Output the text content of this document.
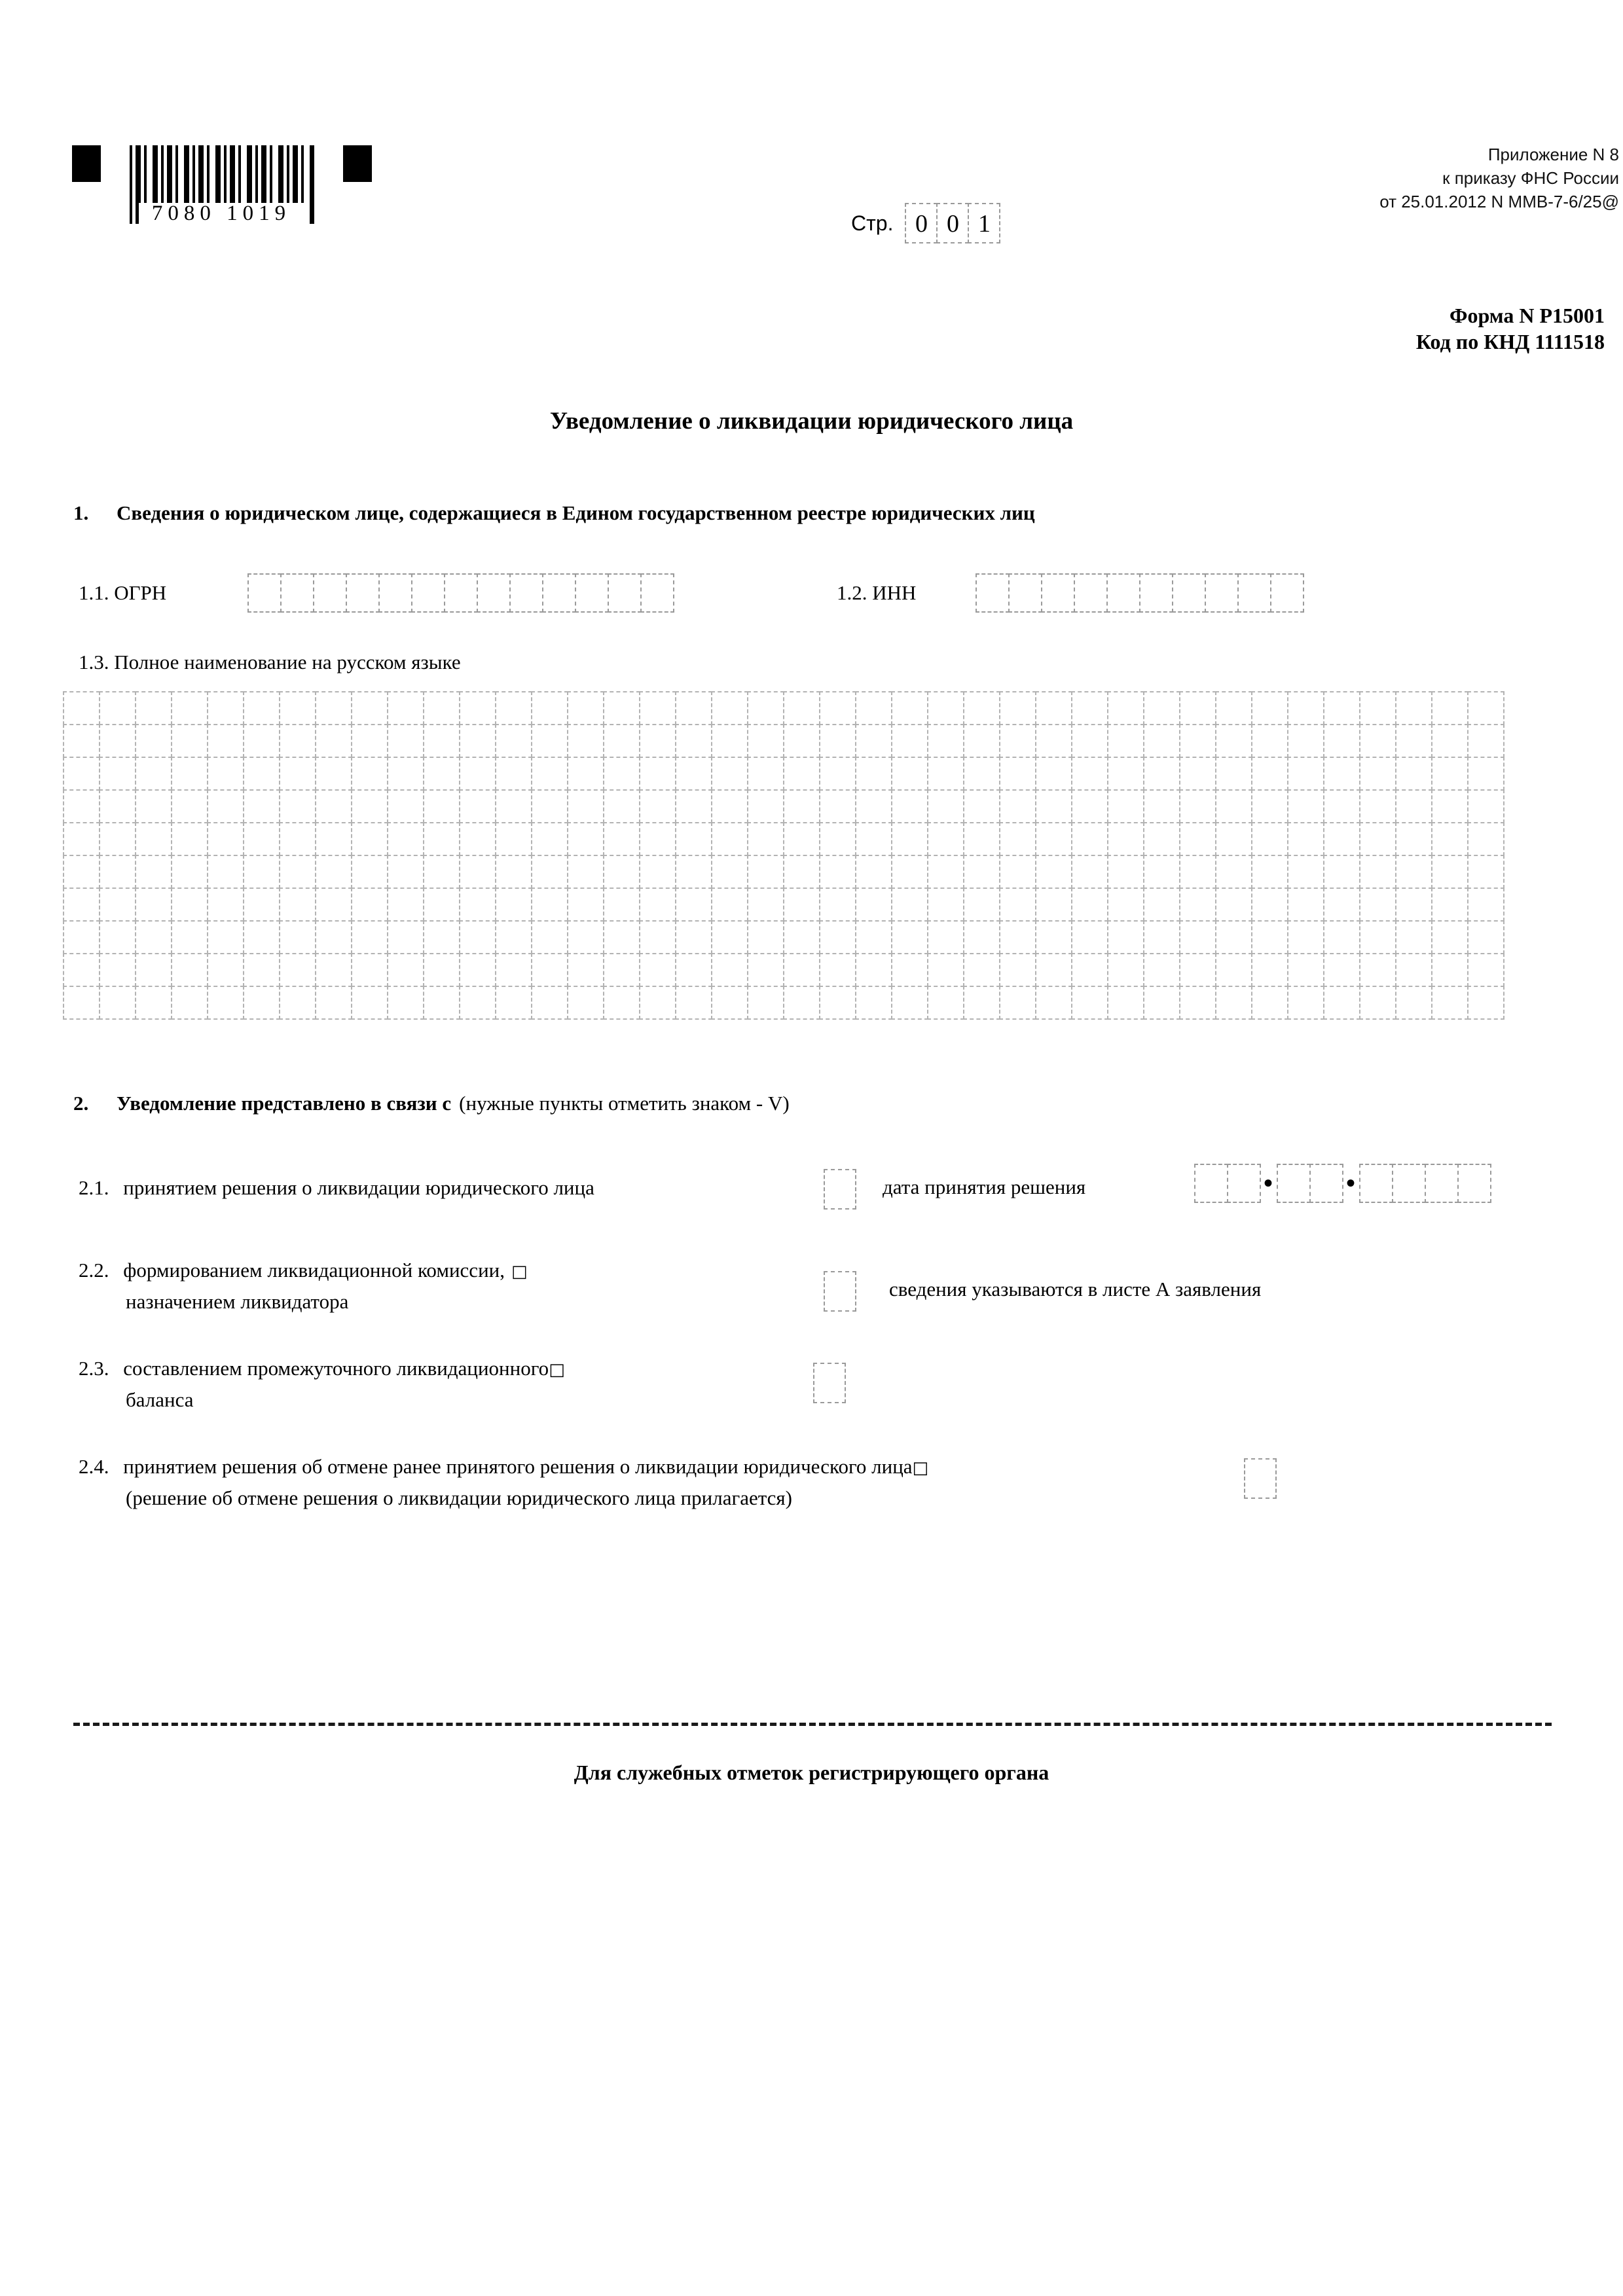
7080 1019
Приложение N 8
к приказу ФНС России
от 25.01.2012 N ММВ-7-6/25@
Стр. 0 0 1
Форма N Р15001
Код по КНД 1111518
Уведомление о ликвидации юридического лица
1. Сведения о юридическом лице, содержащиеся в Едином государственном реестре юридических лиц
1.1. ОГРН	1.2. ИНН
1.3. Полное наименование на русском языке
2. Уведомление представлено в связи с (нужные пункты отметить знаком - V)
2.1. принятием решения о ликвидации юридического лица	дата принятия решения	•	•
2.2. формированием ликвидационной комиссии, □
назначением ликвидатора
сведения указываются в листе А заявления
2.3. составлением промежуточного ликвидационного□
баланса
2.4. принятием решения об отмене ранее принятого решения о ликвидации юридического лица□
(решение об отмене решения о ликвидации юридического лица прилагается)
Для служебных отметок регистрирующего органа
